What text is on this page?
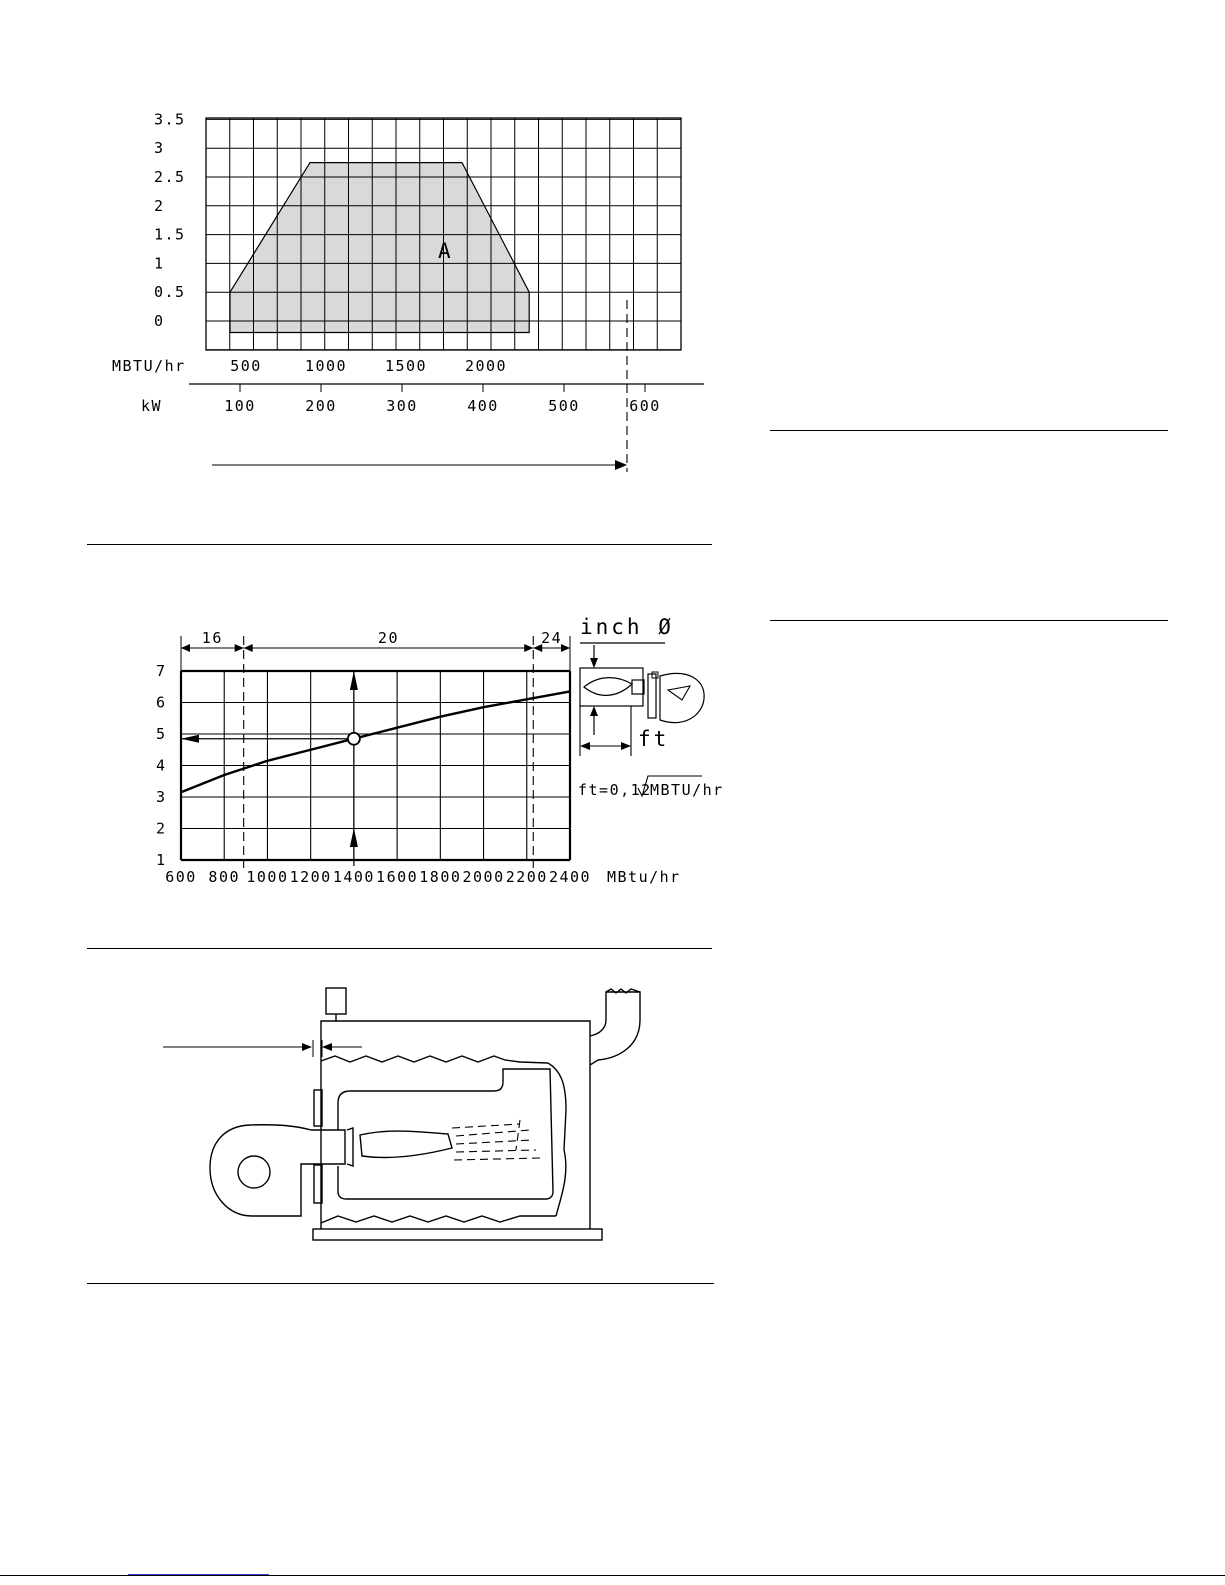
A
3.5
3
2.5
2
1.5
1
0.5
0
MBTU/hr	500	1000	1500	2000
kW	100	200	300	400	500	600
16	20	24
7
6
5
4
3
2
1
600 800 1000 1200 1400 1600 1800 2000 2200 2400 MBtu/hr
inch Ø
ft
ft=0,12
MBTU/hr
